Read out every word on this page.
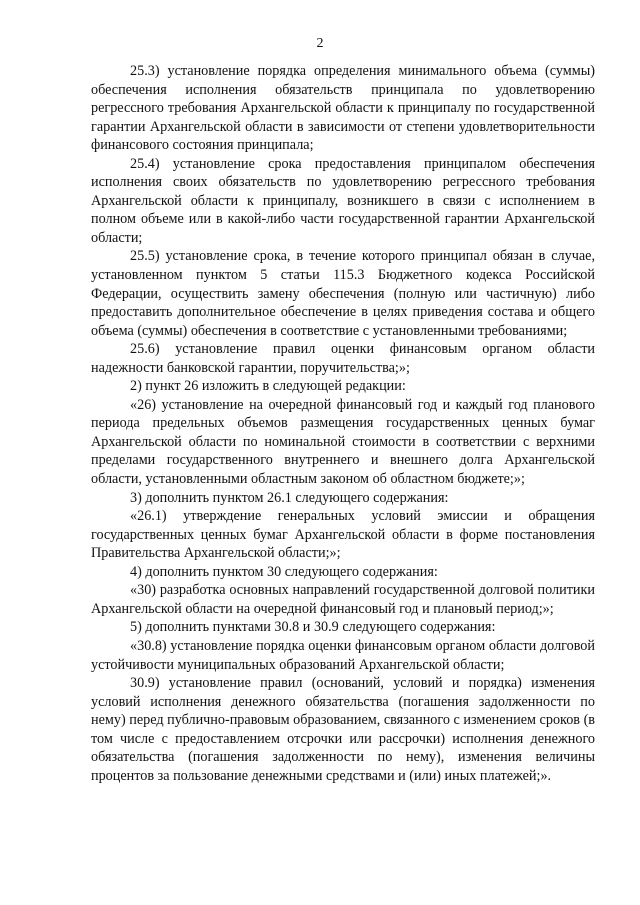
2

25.3) установление порядка определения минимального объема (суммы) обеспечения исполнения обязательств принципала по удовлетворению регрессного требования Архангельской области к принципалу по государственной гарантии Архангельской области в зависимости от степени удовлетворительности финансового состояния принципала;

25.4) установление срока предоставления принципалом обеспечения исполнения своих обязательств по удовлетворению регрессного требования Архангельской области к принципалу, возникшего в связи с исполнением в полном объеме или в какой-либо части государственной гарантии Архангельской области;

25.5) установление срока, в течение которого принципал обязан в случае, установленном пунктом 5 статьи 115.3 Бюджетного кодекса Российской Федерации, осуществить замену обеспечения (полную или частичную) либо предоставить дополнительное обеспечение в целях приведения состава и общего объема (суммы) обеспечения в соответствие с установленными требованиями;

25.6) установление правил оценки финансовым органом области надежности банковской гарантии, поручительства;»;

2) пункт 26 изложить в следующей редакции:

«26) установление на очередной финансовый год и каждый год планового периода предельных объемов размещения государственных ценных бумаг Архангельской области по номинальной стоимости в соответствии с верхними пределами государственного внутреннего и внешнего долга Архангельской области, установленными областным законом об областном бюджете;»;

3) дополнить пунктом 26.1 следующего содержания:

«26.1) утверждение генеральных условий эмиссии и обращения государственных ценных бумаг Архангельской области в форме постановления Правительства Архангельской области;»;

4) дополнить пунктом 30 следующего содержания:

«30) разработка основных направлений государственной долговой политики Архангельской области на очередной финансовый год и плановый период;»;

5) дополнить пунктами 30.8 и 30.9 следующего содержания:

«30.8) установление порядка оценки финансовым органом области долговой устойчивости муниципальных образований Архангельской области;

30.9) установление правил (оснований, условий и порядка) изменения условий исполнения денежного обязательства (погашения задолженности по нему) перед публично-правовым образованием, связанного с изменением сроков (в том числе с предоставлением отсрочки или рассрочки) исполнения денежного обязательства (погашения задолженности по нему), изменения величины процентов за пользование денежными средствами и (или) иных платежей;».
